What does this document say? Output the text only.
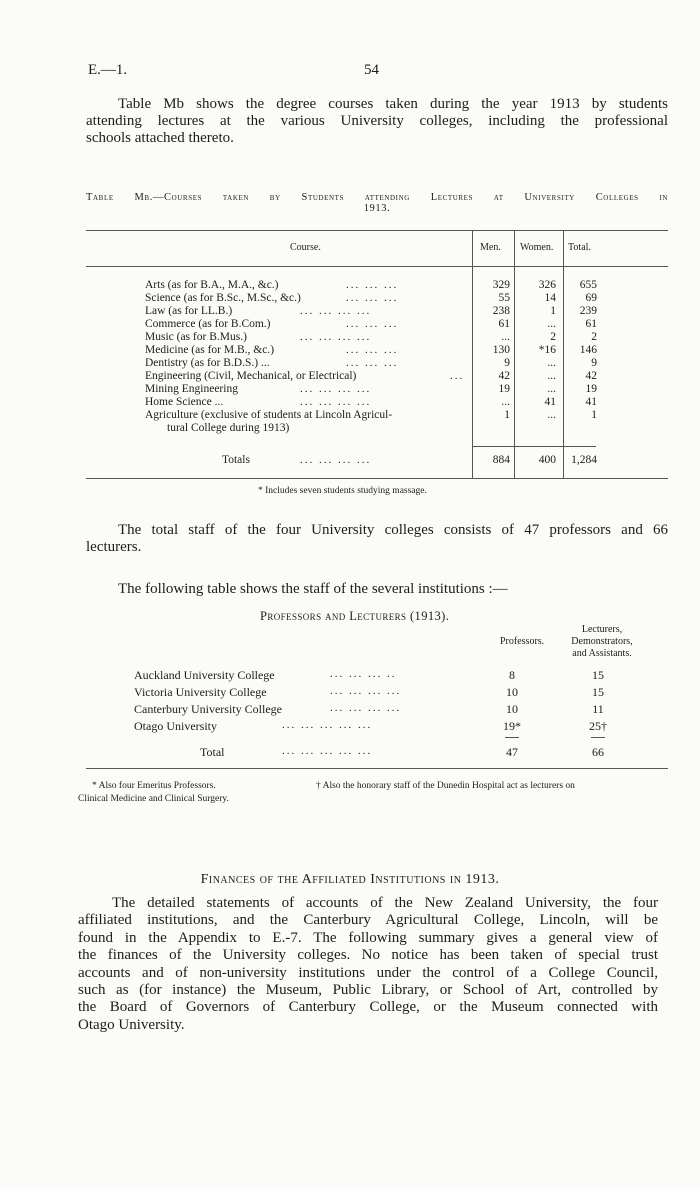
E.—1.	54
Table Mb shows the degree courses taken during the year 1913 by students
attending lectures at the various University colleges, including the professional
schools attached thereto.
Table Mb.—Courses taken by Students attending Lectures at University Colleges in
1913.
Course.	Men. Women. Total.
Arts (as for B.A., M.A., &c.)	... ... ...	329	326	655
Science (as for B.Sc., M.Sc., &c.)	... ... ...	55	14	69
Law (as for LL.B.)	... ... ... ...	238	1	239
Commerce (as for B.Com.)	... ... ...	61	...	61
Music (as for B.Mus.)	... ... ... ...	...	2	2
Medicine (as for M.B., &c.)	... ... ...	130	*16	146
Dentistry (as for B.D.S.) ...	... ... ...	9	...	9
Engineering (Civil, Mechanical, or Electrical)	...	42	...	42
Mining Engineering	... ... ... ...	19	...	19
Home Science ...	... ... ... ...	...	41	41
Agriculture (exclusive of students at Lincoln Agricul-	1	...	1
tural College during 1913)
Totals	... ... ... ...	884	400	1,284
* Includes seven students studying massage.
The total staff of the four University colleges consists of 47 professors and 66
lecturers.
The following table shows the staff of the several institutions :—
Professors and Lecturers (1913).
Professors.
Lecturers,
Demonstrators,
and Assistants.
Auckland University College	... ... ... ..	8	15
Victoria University College	... ... ... ...	10	15
Canterbury University College	... ... ... ...	10	11
Otago University	... ... ... ... ...	19*	25†
Total	... ... ... ... ...	47	66
* Also four Emeritus Professors.	† Also the honorary staff of the Dunedin Hospital act as lecturers on
Clinical Medicine and Clinical Surgery.
Finances of the Affiliated Institutions in 1913.
The detailed statements of accounts of the New Zealand University, the four
affiliated institutions, and the Canterbury Agricultural College, Lincoln, will be
found in the Appendix to E.-7. The following summary gives a general view of
the finances of the University colleges. No notice has been taken of special trust
accounts and of non-university institutions under the control of a College Council,
such as (for instance) the Museum, Public Library, or School of Art, controlled by
the Board of Governors of Canterbury College, or the Museum connected with
Otago University.
